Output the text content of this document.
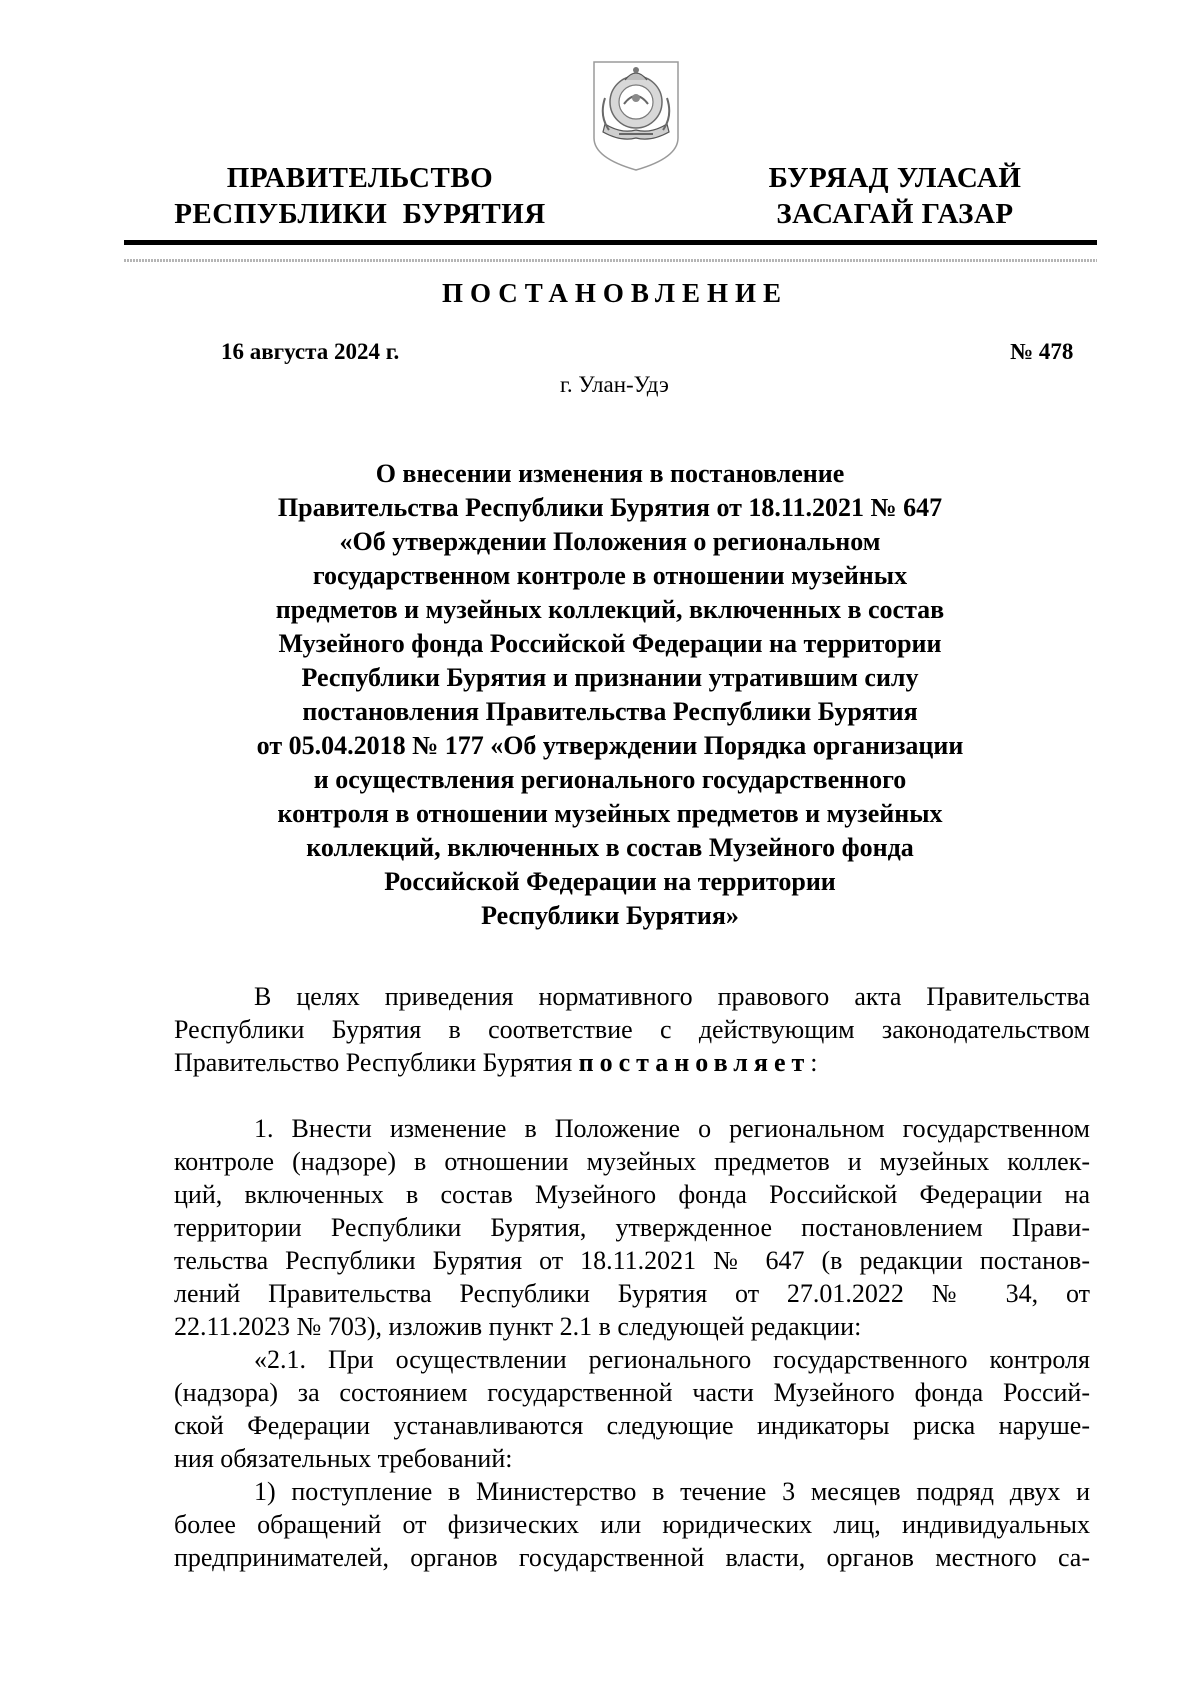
ПРАВИТЕЛЬСТВО
РЕСПУБЛИКИ  БУРЯТИЯ
БУРЯАД УЛАСАЙ
ЗАСАГАЙ ГАЗАР
ПОСТАНОВЛЕНИЕ
16 августа 2024 г.	№ 478
г. Улан-Удэ
О внесении изменения в постановление
Правительства Республики Бурятия от 18.11.2021 № 647
«Об утверждении Положения о региональном
государственном контроле в отношении музейных
предметов и музейных коллекций, включенных в состав
Музейного фонда Российской Федерации на территории
Республики Бурятия и признании утратившим силу
постановления Правительства Республики Бурятия
от 05.04.2018 № 177 «Об утверждении Порядка организации
и осуществления регионального государственного
контроля в отношении музейных предметов и музейных
коллекций, включенных в состав Музейного фонда
Российской Федерации на территории
Республики Бурятия»
В целях приведения нормативного правового акта Правительства
Республики Бурятия в соответствие с действующим законодательством
Правительство Республики Бурятия постановляет:
1. Внести изменение в Положение о региональном государственном
контроле (надзоре) в отношении музейных предметов и музейных коллек-
ций, включенных в состав Музейного фонда Российской Федерации на
территории Республики Бурятия, утвержденное постановлением Прави-
тельства Республики Бурятия от 18.11.2021 № 647 (в редакции постанов-
лений Правительства Республики Бурятия от 27.01.2022 № 34, от
22.11.2023 № 703), изложив пункт 2.1 в следующей редакции:
«2.1. При осуществлении регионального государственного контроля
(надзора) за состоянием государственной части Музейного фонда Россий-
ской Федерации устанавливаются следующие индикаторы риска наруше-
ния обязательных требований:
1) поступление в Министерство в течение 3 месяцев подряд двух и
более обращений от физических или юридических лиц, индивидуальных
предпринимателей, органов государственной власти, органов местного са-
